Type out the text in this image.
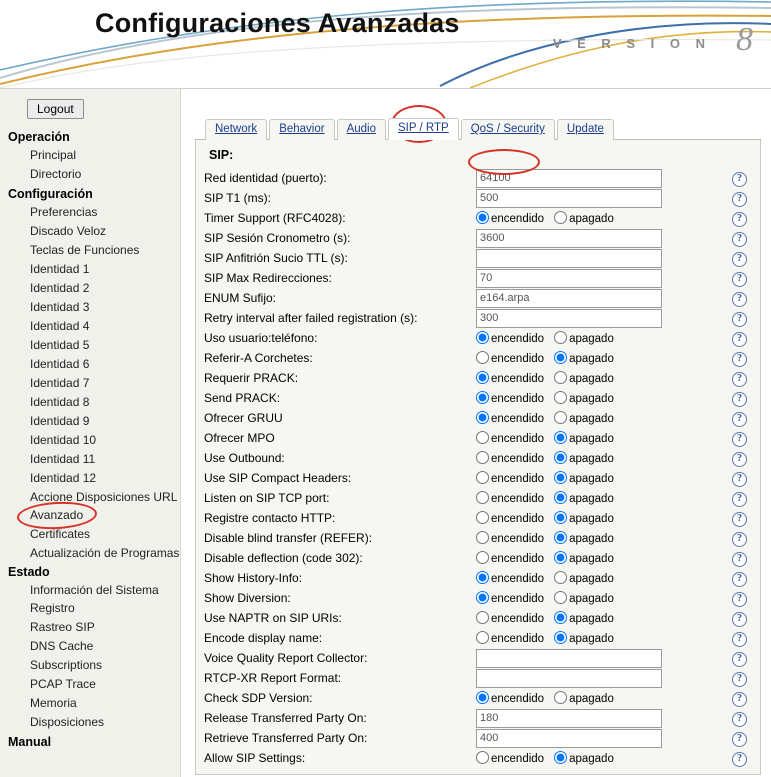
Configuraciones Avanzadas
V E R S I O N 8
Logout
Operación
Principal
Directorio
Configuración
Preferencias
Discado Veloz
Teclas de Funciones
Identidad 1
Identidad 2
Identidad 3
Identidad 4
Identidad 5
Identidad 6
Identidad 7
Identidad 8
Identidad 9
Identidad 10
Identidad 11
Identidad 12
Accione Disposiciones URL
Avanzado
Certificates
Actualización de Programas
Estado
Información del Sistema
Registro
Rastreo SIP
DNS Cache
Subscriptions
PCAP Trace
Memoria
Disposiciones
Manual
Network	Behavior	Audio	SIP / RTP	QoS / Security	Update
SIP:
Red identidad (puerto):	64100	?
SIP T1 (ms):	500	?
Timer Support (RFC4028):	encendido apagado	?
SIP Sesión Cronometro (s):	3600	?
SIP Anfitrión Sucio TTL (s):		?
SIP Max Redirecciones:	70	?
ENUM Sufijo:	e164.arpa	?
Retry interval after failed registration (s):	300	?
Uso usuario:teléfono:	encendido apagado	?
Referir-A Corchetes:	encendido apagado	?
Requerir PRACK:	encendido apagado	?
Send PRACK:	encendido apagado	?
Ofrecer GRUU	encendido apagado	?
Ofrecer MPO	encendido apagado	?
Use Outbound:	encendido apagado	?
Use SIP Compact Headers:	encendido apagado	?
Listen on SIP TCP port:	encendido apagado	?
Registre contacto HTTP:	encendido apagado	?
Disable blind transfer (REFER):	encendido apagado	?
Disable deflection (code 302):	encendido apagado	?
Show History-Info:	encendido apagado	?
Show Diversion:	encendido apagado	?
Use NAPTR on SIP URIs:	encendido apagado	?
Encode display name:	encendido apagado	?
Voice Quality Report Collector:		?
RTCP-XR Report Format:		?
Check SDP Version:	encendido apagado	?
Release Transferred Party On:	180	?
Retrieve Transferred Party On:	400	?
Allow SIP Settings:	encendido apagado	?
